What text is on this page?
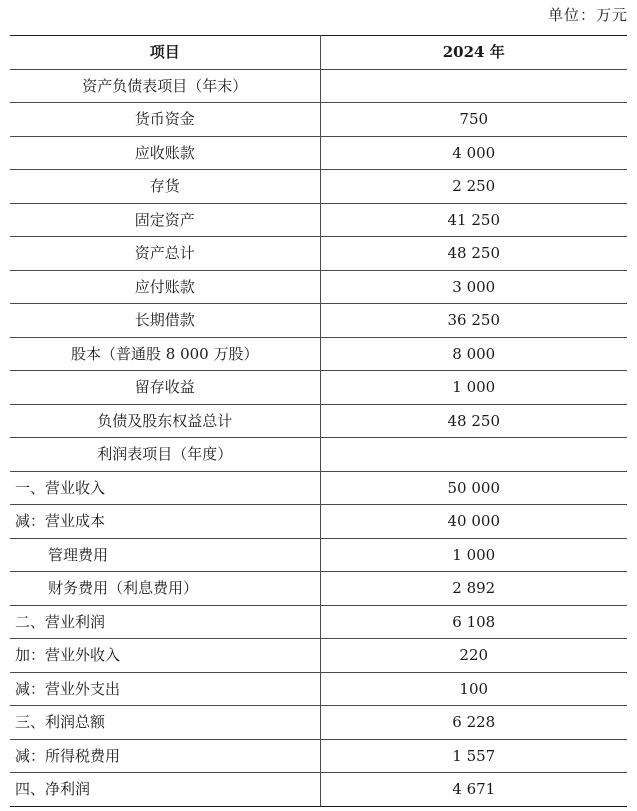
单位：万元
项目	2024 年
资产负债表项目（年末）	
货币资金	750
应收账款	4 000
存货	2 250
固定资产	41 250
资产总计	48 250
应付账款	3 000
长期借款	36 250
股本（普通股 8 000 万股）	8 000
留存收益	1 000
负债及股东权益总计	48 250
利润表项目（年度）	
一、营业收入	50 000
减：营业成本	40 000
管理费用	1 000
财务费用（利息费用）	2 892
二、营业利润	6 108
加：营业外收入	220
减：营业外支出	100
三、利润总额	6 228
减：所得税费用	1 557
四、净利润	4 671
